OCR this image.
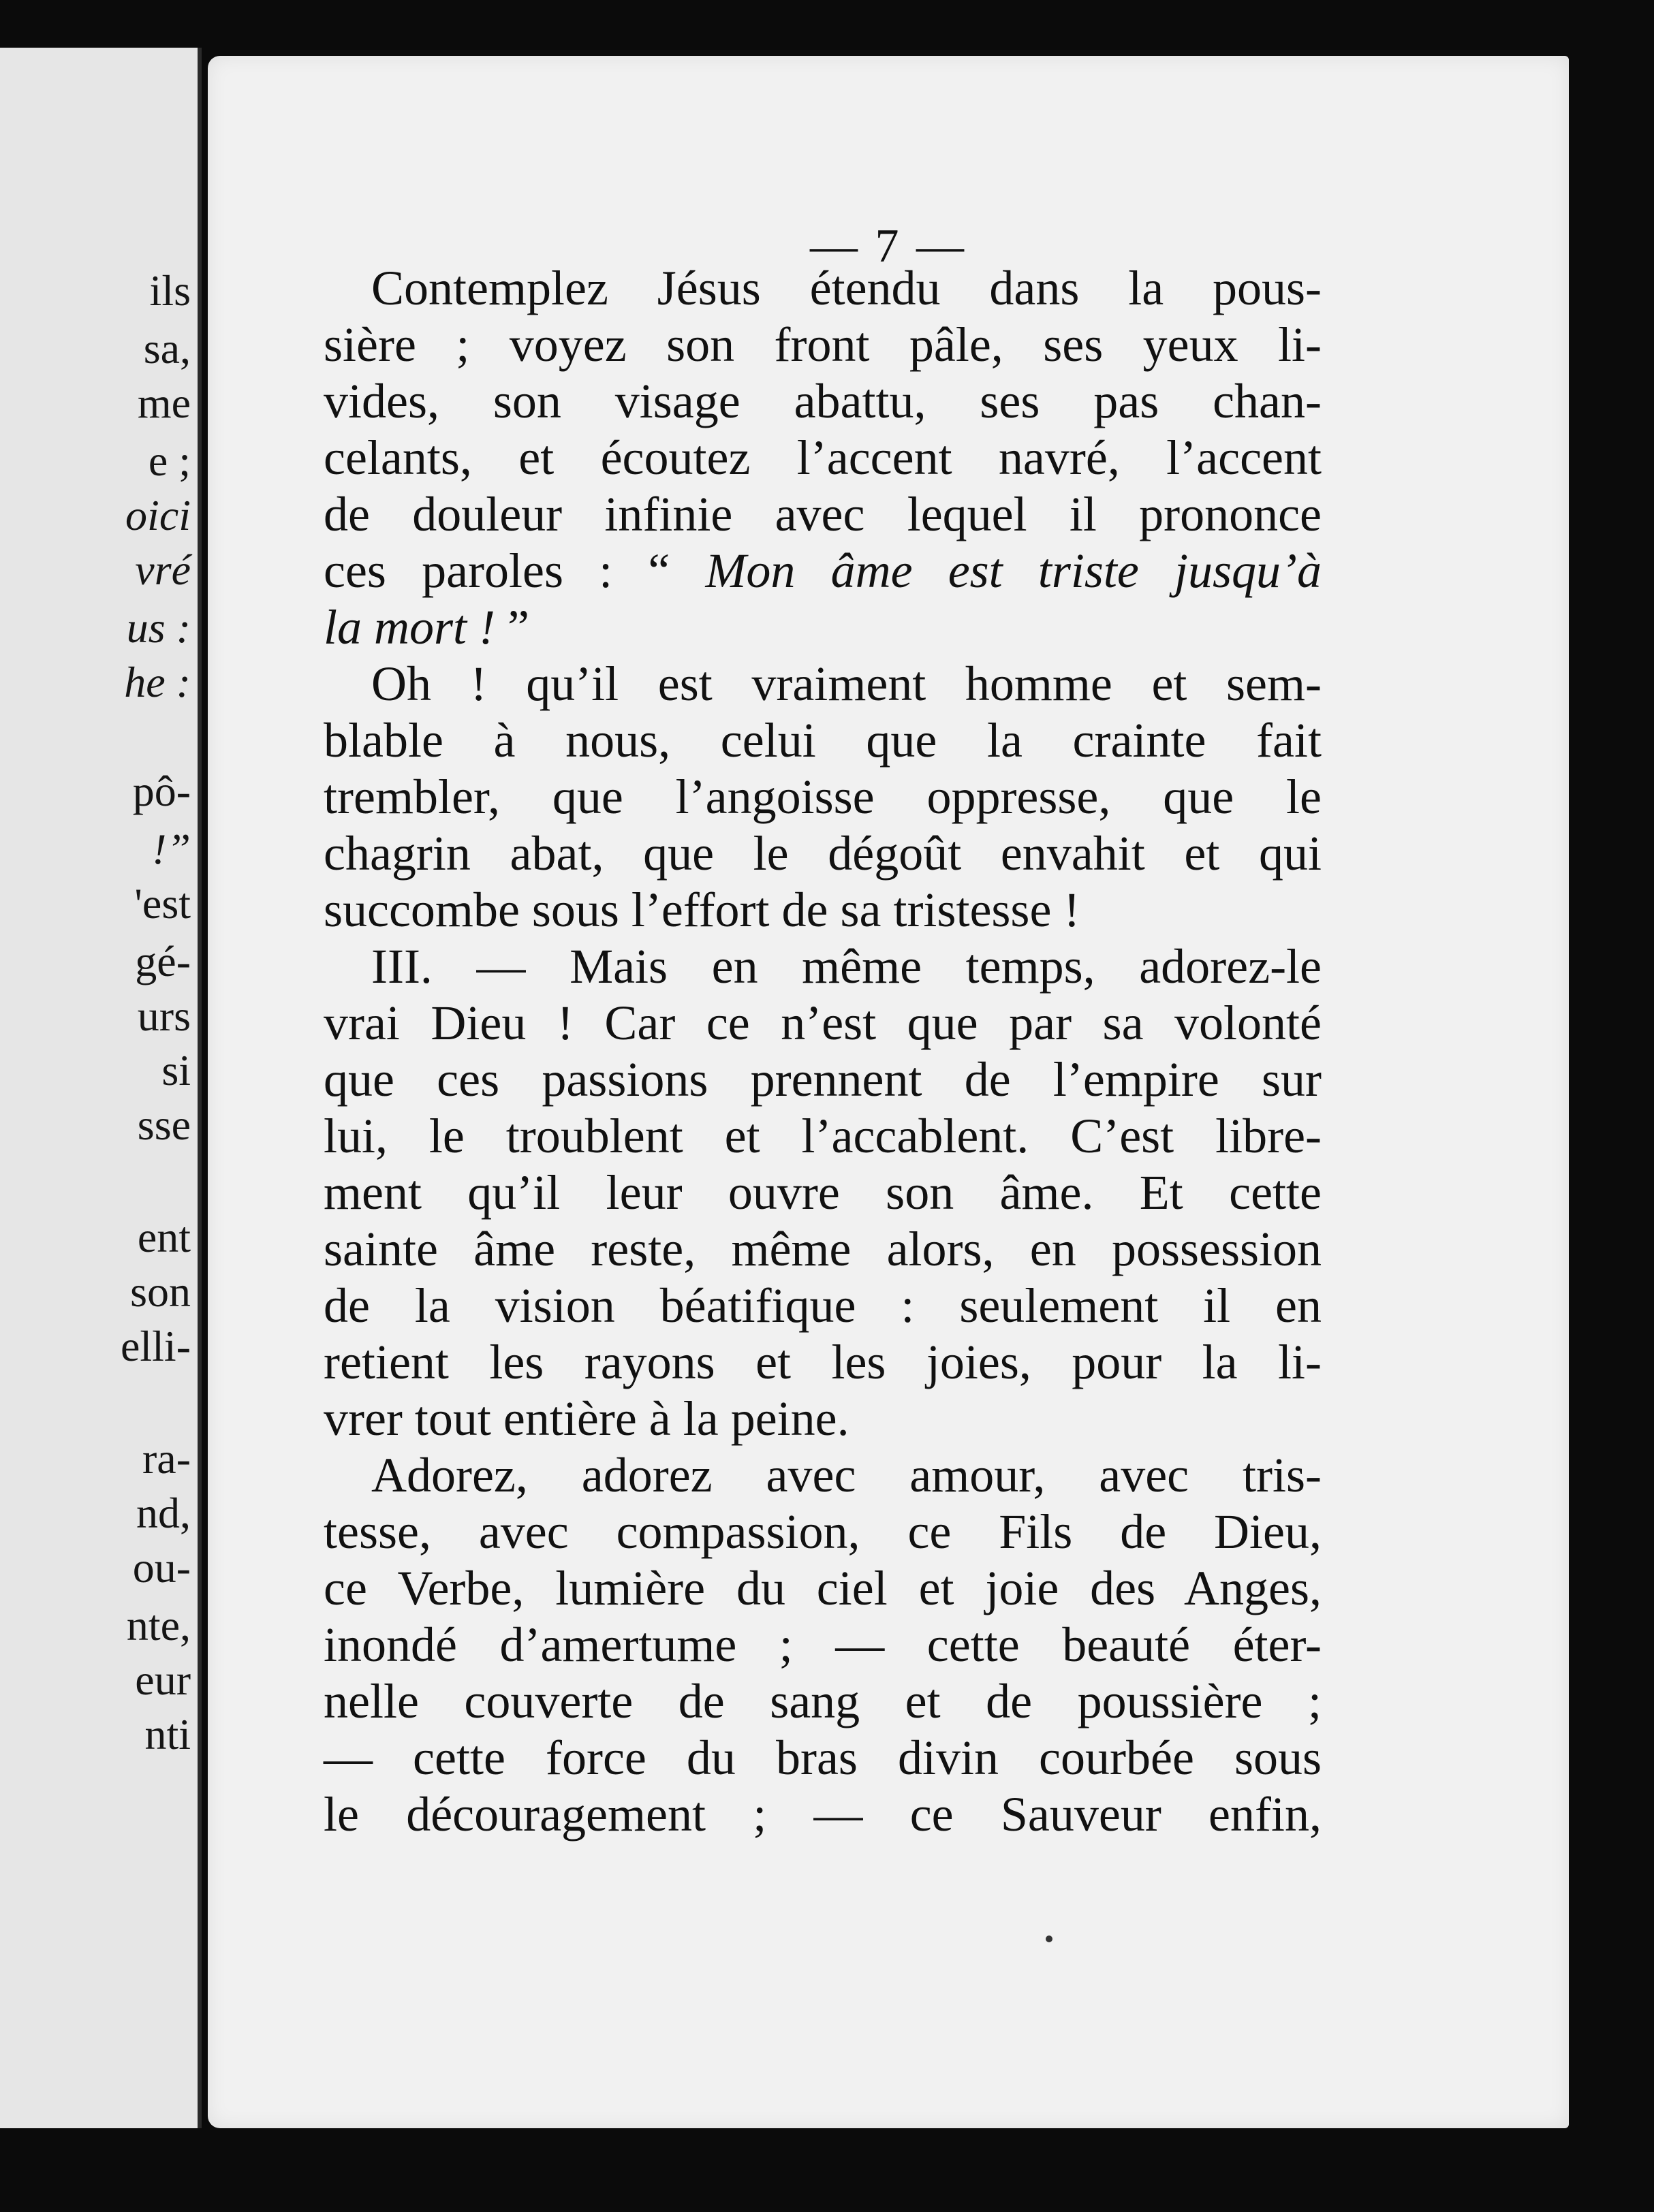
ils
sa,
me
e ;
oici
vré
us :
he :
pô-
!”
'est
gé-
urs
si
sse
ent
son
elli-
ra-
nd,
ou-
nte,
eur
nti
— 7 —
Contemplez Jésus étendu dans la pous-
sière ; voyez son front pâle, ses yeux li-
vides, son visage abattu, ses pas chan-
celants, et écoutez l’accent navré, l’accent
de douleur infinie avec lequel il prononce
ces paroles : “ Mon âme est triste jusqu’à
la mort ! ”
Oh ! qu’il est vraiment homme et sem-
blable à nous, celui que la crainte fait
trembler, que l’angoisse oppresse, que le
chagrin abat, que le dégoût envahit et qui
succombe sous l’effort de sa tristesse !
III. — Mais en même temps, adorez-le
vrai Dieu ! Car ce n’est que par sa volonté
que ces passions prennent de l’empire sur
lui, le troublent et l’accablent. C’est libre-
ment qu’il leur ouvre son âme. Et cette
sainte âme reste, même alors, en possession
de la vision béatifique : seulement il en
retient les rayons et les joies, pour la li-
vrer tout entière à la peine.
Adorez, adorez avec amour, avec tris-
tesse, avec compassion, ce Fils de Dieu,
ce Verbe, lumière du ciel et joie des Anges,
inondé d’amertume ; — cette beauté éter-
nelle couverte de sang et de poussière ;
— cette force du bras divin courbée sous
le découragement ; — ce Sauveur enfin,
